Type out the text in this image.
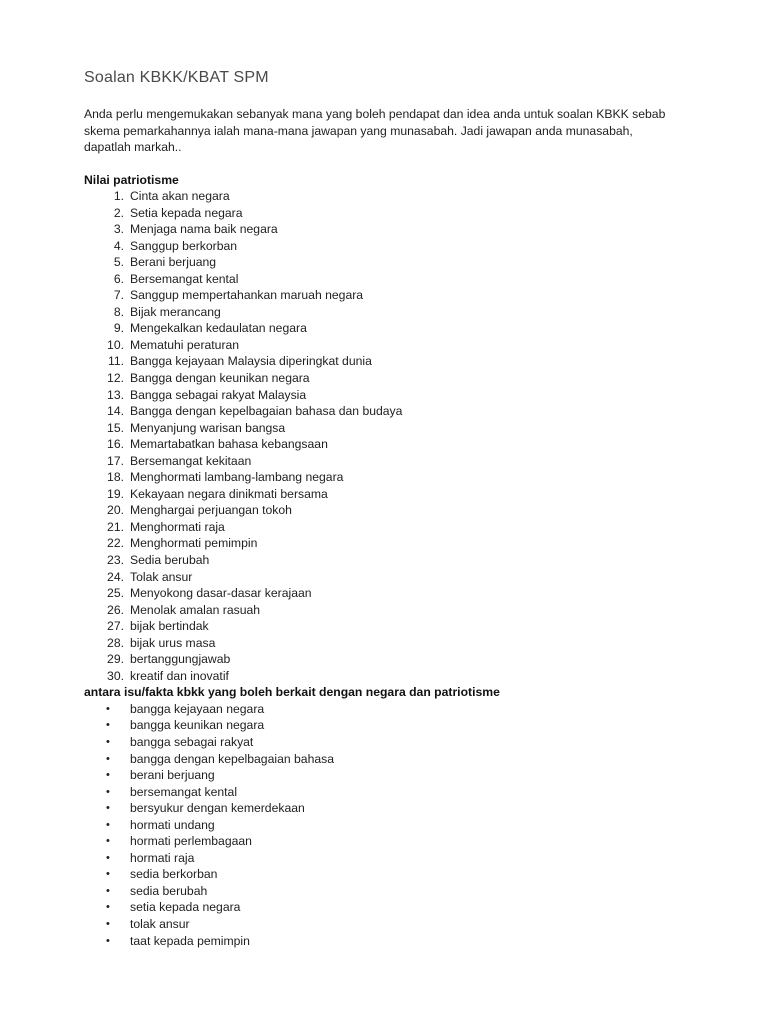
Soalan KBKK/KBAT SPM

Anda perlu mengemukakan sebanyak mana yang boleh pendapat dan idea anda untuk soalan KBKK sebab
skema pemarkahannya ialah mana-mana jawapan yang munasabah. Jadi jawapan anda munasabah,
dapatlah markah..

Nilai patriotisme

1. Cinta akan negara
2. Setia kepada negara
3. Menjaga nama baik negara
4. Sanggup berkorban
5. Berani berjuang
6. Bersemangat kental
7. Sanggup mempertahankan maruah negara
8. Bijak merancang
9. Mengekalkan kedaulatan negara
10. Mematuhi peraturan
11. Bangga kejayaan Malaysia diperingkat dunia
12. Bangga dengan keunikan negara
13. Bangga sebagai rakyat Malaysia
14. Bangga dengan kepelbagaian bahasa dan budaya
15. Menyanjung warisan bangsa
16. Memartabatkan bahasa kebangsaan
17. Bersemangat kekitaan
18. Menghormati lambang-lambang negara
19. Kekayaan negara dinikmati bersama
20. Menghargai perjuangan tokoh
21. Menghormati raja
22. Menghormati pemimpin
23. Sedia berubah
24. Tolak ansur
25. Menyokong dasar-dasar kerajaan
26. Menolak amalan rasuah
27. bijak bertindak
28. bijak urus masa
29. bertanggungjawab
30. kreatif dan inovatif

antara isu/fakta kbkk yang boleh berkait dengan negara dan patriotisme

• bangga kejayaan negara
• bangga keunikan negara
• bangga sebagai rakyat
• bangga dengan kepelbagaian bahasa
• berani berjuang
• bersemangat kental
• bersyukur dengan kemerdekaan
• hormati undang
• hormati perlembagaan
• hormati raja
• sedia berkorban
• sedia berubah
• setia kepada negara
• tolak ansur
• taat kepada pemimpin
